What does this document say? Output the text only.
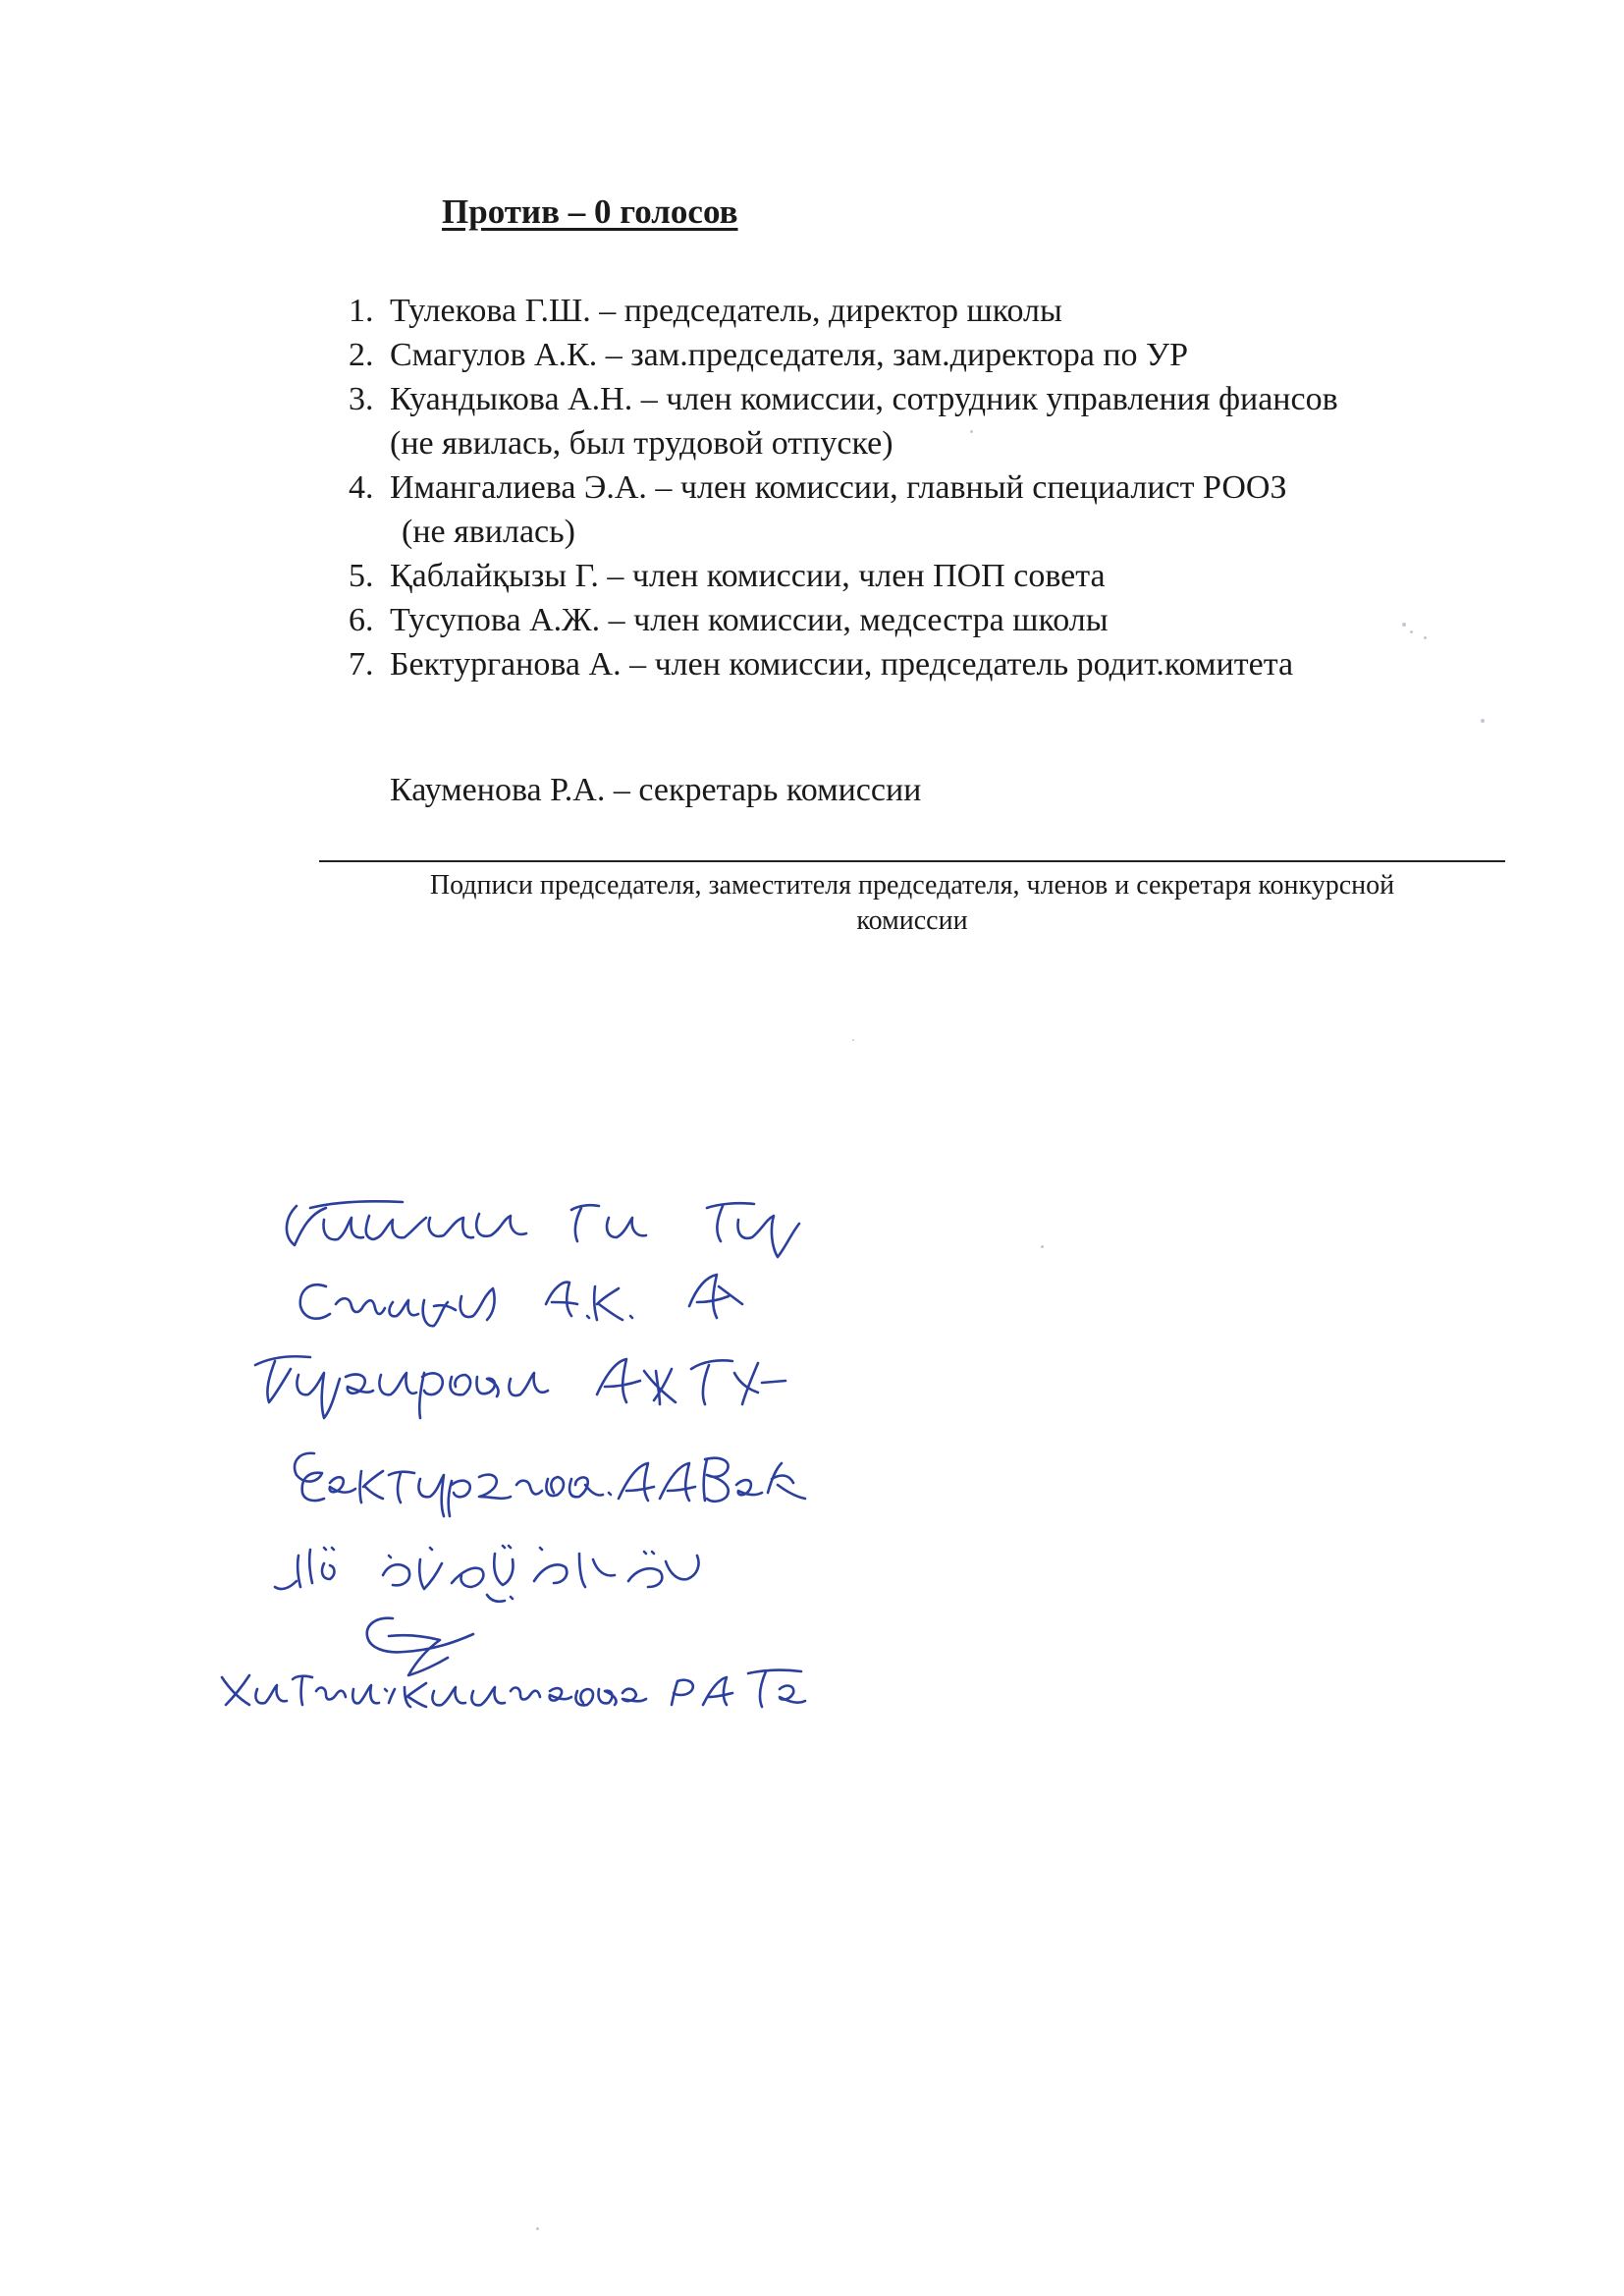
Против – 0 голосов
1. Тулекова Г.Ш. – председатель, директор школы
2. Смагулов А.К. – зам.председателя, зам.директора по УР
3. Куандыкова А.Н. – член комиссии, сотрудник управления фиансов
(не явилась, был трудовой отпуске)
4. Имангалиева Э.А. – член комиссии, главный специалист РООЗ
(не явилась)
5. Қаблайқызы Г. – член комиссии, член ПОП совета
6. Тусупова А.Ж. – член комиссии, медсестра школы
7. Бектурганова А. – член комиссии, председатель родит.комитета
Кауменова Р.А. – секретарь комиссии
Подписи председателя, заместителя председателя, членов и секретаря конкурсной
комиссии
